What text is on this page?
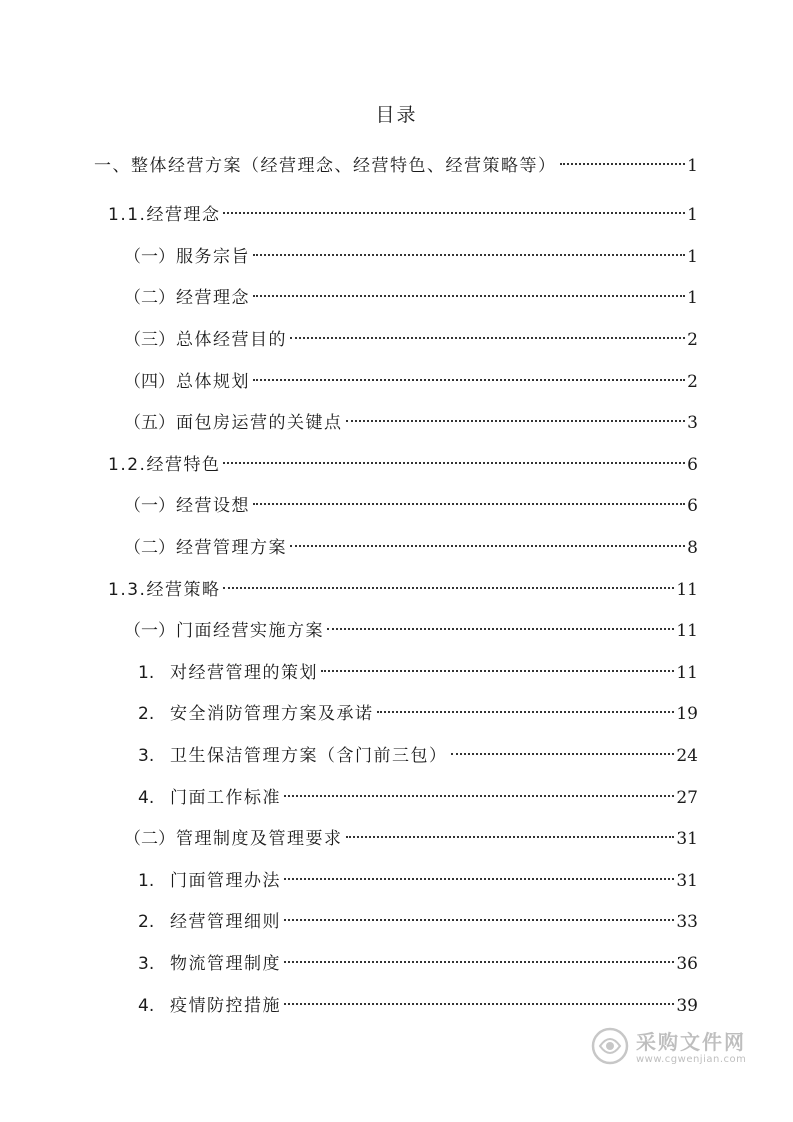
目录
一、整体经营方案（经营理念、经营特色、经营策略等）	1
1.1.经营理念	1
（一） 服务宗旨	1
（二） 经营理念	1
（三） 总体经营目的	2
（四） 总体规划	2
（五） 面包房运营的关键点	3
1.2.经营特色	6
（一） 经营设想	6
（二） 经营管理方案	8
1.3.经营策略	11
（一） 门面经营实施方案	11
1. 对经营管理的策划	11
2. 安全消防管理方案及承诺	19
3. 卫生保洁管理方案（含门前三包）	24
4. 门面工作标准	27
（二） 管理制度及管理要求	31
1. 门面管理办法	31
2. 经营管理细则	33
3. 物流管理制度	36
4. 疫情防控措施	39
采购文件网
www.cgwenjian.com
